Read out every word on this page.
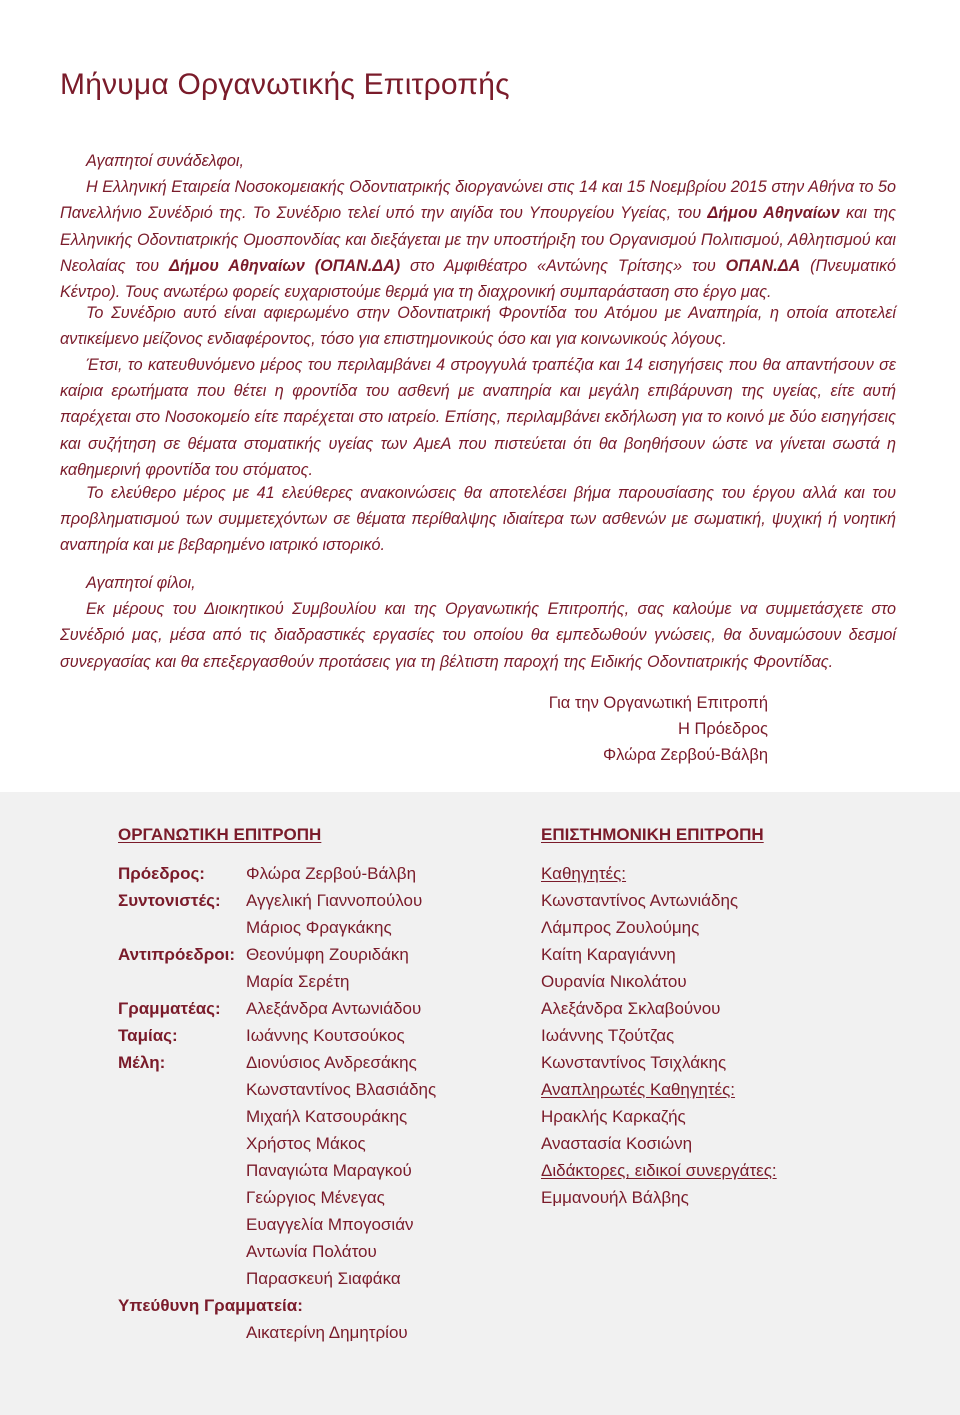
Μήνυμα Οργανωτικής Επιτροπής

Αγαπητοί συνάδελφοι,
Η Ελληνική Εταιρεία Νοσοκομειακής Οδοντιατρικής διοργανώνει στις 14 και 15 Νοεμβρίου 2015 στην Αθήνα το 5ο Πανελλήνιο Συνέδριό της. Το Συνέδριο τελεί υπό την αιγίδα του Υπουργείου Υγείας, του Δήμου Αθηναίων και της Ελληνικής Οδοντιατρικής Ομοσπονδίας και διεξάγεται με την υποστήριξη του Οργανισμού Πολιτισμού, Αθλητισμού και Νεολαίας του Δήμου Αθηναίων (ΟΠΑΝ.ΔΑ) στο Αμφιθέατρο «Αντώνης Τρίτσης» του ΟΠΑΝ.ΔΑ (Πνευματικό Κέντρο). Τους ανωτέρω φορείς ευχαριστούμε θερμά για τη διαχρονική συμπαράσταση στο έργο μας.

Το Συνέδριο αυτό είναι αφιερωμένο στην Οδοντιατρική Φροντίδα του Ατόμου με Αναπηρία, η οποία αποτελεί αντικείμενο μείζονος ενδιαφέροντος, τόσο για επιστημονικούς όσο και για κοινωνικούς λόγους.

Έτσι, το κατευθυνόμενο μέρος του περιλαμβάνει 4 στρογγυλά τραπέζια και 14 εισηγήσεις που θα απαντήσουν σε καίρια ερωτήματα που θέτει η φροντίδα του ασθενή με αναπηρία και μεγάλη επιβάρυνση της υγείας, είτε αυτή παρέχεται στο Νοσοκομείο είτε παρέχεται στο ιατρείο. Επίσης, περιλαμβάνει εκδήλωση για το κοινό με δύο εισηγήσεις και συζήτηση σε θέματα στοματικής υγείας των ΑμεΑ που πιστεύεται ότι θα βοηθήσουν ώστε να γίνεται σωστά η καθημερινή φροντίδα του στόματος.

Το ελεύθερο μέρος με 41 ελεύθερες ανακοινώσεις θα αποτελέσει βήμα παρουσίασης του έργου αλλά και του προβληματισμού των συμμετεχόντων σε θέματα περίθαλψης ιδιαίτερα των ασθενών με σωματική, ψυχική ή νοητική αναπηρία και με βεβαρημένο ιατρικό ιστορικό.

Αγαπητοί φίλοι,
Εκ μέρους του Διοικητικού Συμβουλίου και της Οργανωτικής Επιτροπής, σας καλούμε να συμμετάσχετε στο Συνέδριό μας, μέσα από τις διαδραστικές εργασίες του οποίου θα εμπεδωθούν γνώσεις, θα δυναμώσουν δεσμοί συνεργασίας και θα επεξεργασθούν προτάσεις για τη βέλτιστη παροχή της Ειδικής Οδοντιατρικής Φροντίδας.

Για την Οργανωτική Επιτροπή
Η Πρόεδρος
Φλώρα Ζερβού-Βάλβη
ΟΡΓΑΝΩΤΙΚΗ ΕΠΙΤΡΟΠΗ	ΕΠΙΣΤΗΜΟΝΙΚΗ ΕΠΙΤΡΟΠΗ
Πρόεδρος:	Φλώρα Ζερβού-Βάλβη
Συντονιστές:	Αγγελική Γιαννοπούλου
Μάριος Φραγκάκης
Αντιπρόεδροι: Θεονύμφη Ζουριδάκη
Μαρία Σερέτη
Γραμματέας:	Αλεξάνδρα Αντωνιάδου
Ταμίας:	Ιωάννης Κουτσούκος
Μέλη:	Διονύσιος Ανδρεσάκης
Κωνσταντίνος Βλασιάδης
Μιχαήλ Κατσουράκης
Χρήστος Μάκος
Παναγιώτα Μαραγκού
Γεώργιος Μένεγας
Ευαγγελία Μπογοσιάν
Αντωνία Πολάτου
Παρασκευή Σιαφάκα
Υπεύθυνη Γραμματεία:
Αικατερίνη Δημητρίου
Καθηγητές:
Κωνσταντίνος Αντωνιάδης
Λάμπρος Ζουλούμης
Καίτη Καραγιάννη
Ουρανία Νικολάτου
Αλεξάνδρα Σκλαβούνου
Ιωάννης Τζούτζας
Κωνσταντίνος Τσιχλάκης
Αναπληρωτές Καθηγητές:
Ηρακλής Καρκαζής
Αναστασία Κοσιώνη
Διδάκτορες, ειδικοί συνεργάτες:
Εμμανουήλ Βάλβης
